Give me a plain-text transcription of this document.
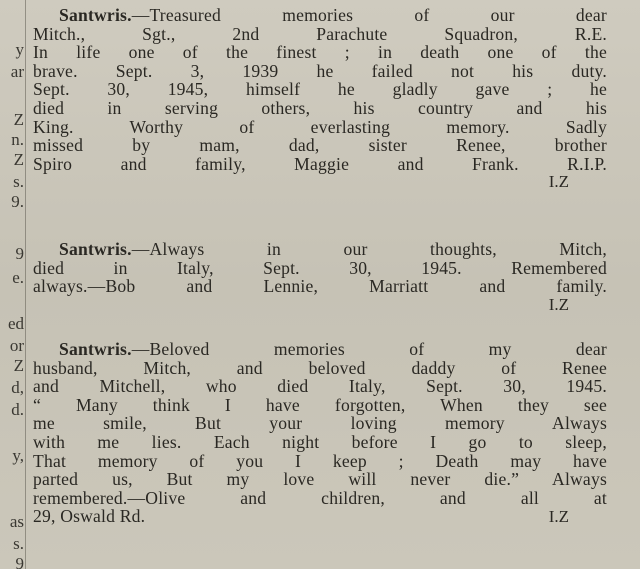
y
ar
Z
n.
Z
s.
9.
9
e.
ed
or
Z
d,
d.
y,
as
s.
9
Santwris.—Treasured memories of our dear
Mitch., Sgt., 2nd Parachute Squadron, R.E.
In life one of the finest ; in death one of the
brave. Sept. 3, 1939 he failed not his duty.
Sept. 30, 1945, himself he gladly gave ; he
died in serving others, his country and his
King. Worthy of everlasting memory. Sadly
missed by mam, dad, sister Renee, brother
Spiro and family, Maggie and Frank. R.I.P.
I.Z
Santwris.—Always in our thoughts, Mitch,
died in Italy, Sept. 30, 1945. Remembered
always.—Bob and Lennie, Marriatt and family.
I.Z
Santwris.—Beloved memories of my dear
husband, Mitch, and beloved daddy of Renee
and Mitchell, who died Italy, Sept. 30, 1945.
“ Many think I have forgotten, When they see
me smile, But your loving memory Always
with me lies. Each night before I go to sleep,
That memory of you I keep ; Death may have
parted us, But my love will never die.” Always
remembered.—Olive and children, and all at
29, Oswald Rd.	I.Z
